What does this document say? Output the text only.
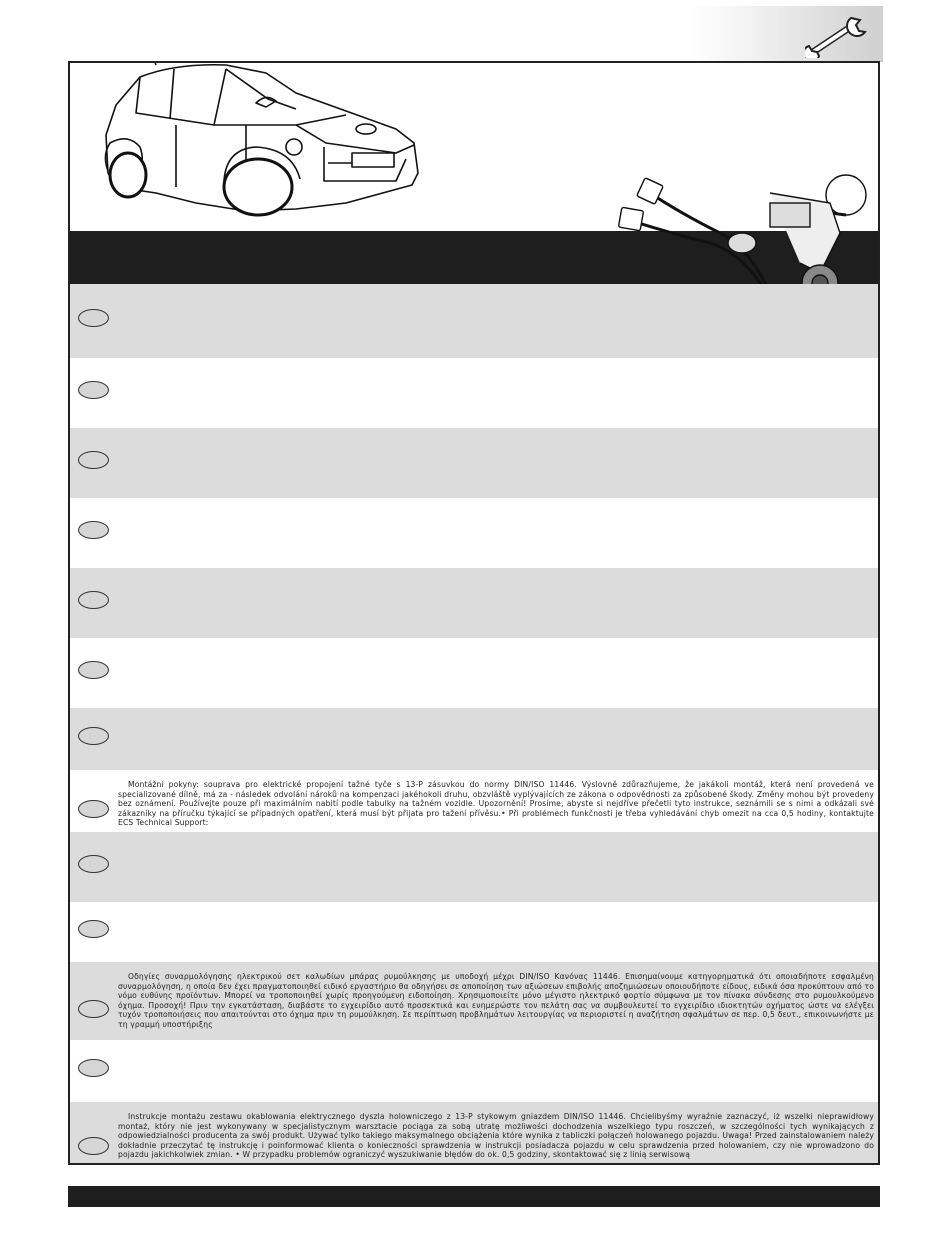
Montážní pokyny: souprava pro elektrické propojení tažné tyče s 13-P zásuvkou do normy DIN/ISO 11446. Výslovně zdůrazňujeme, že jakákoli montáž, která není provedená ve specializované dílně, má za - následek odvolání nároků na kompenzaci jakéhokoli druhu, obzvláště vyplývajících ze zákona o odpovědnosti za způsobené škody. Změny mohou být provedeny bez oznámení. Používejte pouze při maximálním nabití podle tabulky na tažném vozidle. Upozornění! Prosíme, abyste si nejdříve přečetli tyto instrukce, seznámili se s nimi a odkázali své zákazníky na příručku týkající se případných opatření, která musí být přijata pro tažení přívěsu.• Při problémech funkčnosti je třeba vyhledávání chyb omezit na cca 0,5 hodiny, kontaktujte ECS Technical Support:
Οδηγίες συναρμολόγησης ηλεκτρικού σετ καλωδίων μπάρας ρυμούλκησης με υποδοχή μέχρι DIN/ISO Κανόνας 11446. Επισημαίνουμε κατηγορηματικά ότι οποιαδήποτε εσφαλμένη συναρμολόγηση, η οποία δεν έχει πραγματοποιηθεί ειδικό εργαστήριο θα οδηγήσει σε αποποίηση των αξιώσεων επιβολής αποζημιώσεων οποιουδήποτε είδους, ειδικά όσα προκύπτουν από το νόμο ευθύνης προϊόντων. Μπορεί να τροποποιηθεί χωρίς προηγούμενη ειδοποίηση. Χρησιμοποιείτε μόνο μέγιστο ηλεκτρικό φορτίο σύμφωνα με τον πίνακα σύνδεσης στο ρυμουλκούμενο όχημα. Προσοχή! Πριν την εγκατάσταση, διαβάστε το εγχειρίδιο αυτό προσεκτικά και ενημερώστε τον πελάτη σας να συμβουλευτεί το εγχειρίδιο ιδιοκτητών οχήματος ώστε να ελέγξει τυχόν τροποποιήσεις που απαιτούνται στο όχημα πριν τη ρυμούλκηση. Σε περίπτωση προβλημάτων λειτουργίας να περιοριστεί η αναζήτηση σφαλμάτων σε περ. 0,5 δευτ., επικοινωνήστε με τη γραμμή υποστήριξης
Instrukcje montażu zestawu okablowania elektrycznego dyszla holowniczego z 13-P stykowym gniazdem DIN/ISO 11446. Chcielibyśmy wyraźnie zaznaczyć, iż wszelki nieprawidłowy montaż, który nie jest wykonywany w specjalistycznym warsztacie pociąga za sobą utratę możliwości dochodzenia wszelkiego typu roszczeń, w szczególności tych wynikających z odpowiedzialności producenta za swój produkt. Używać tylko takiego maksymalnego obciążenia które wynika z tabliczki połączeń holowanego pojazdu. Uwaga! Przed zainstalowaniem należy dokładnie przeczytać tę instrukcję i poinformować klienta o konieczności sprawdzenia w instrukcji posiadacza pojazdu w celu sprawdzenia przed holowaniem, czy nie wprowadzono do pojazdu jakichkolwiek zmian. • W przypadku problemów ograniczyć wyszukiwanie błędów do ok. 0,5 godziny, skontaktować się z linią serwisową
